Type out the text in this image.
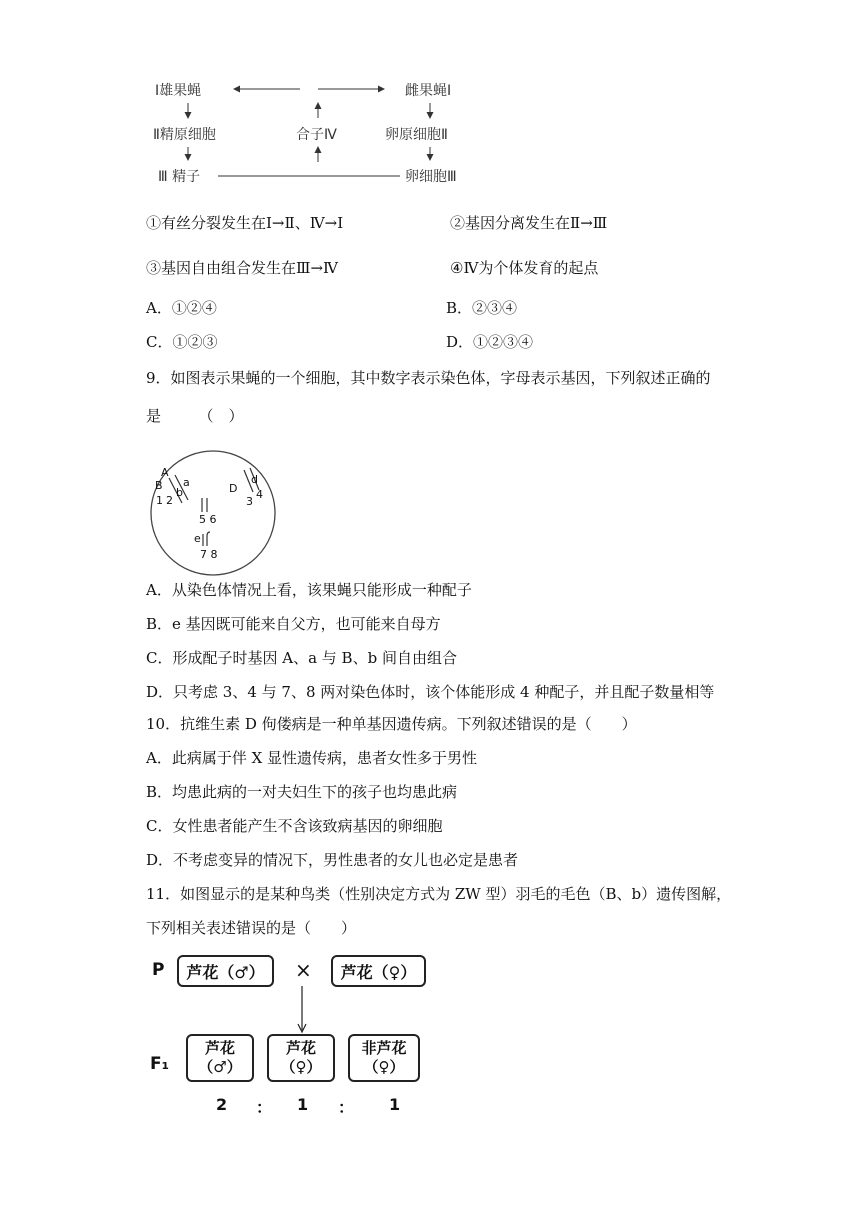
Ⅰ雄果蝇	雌果蝇Ⅰ
Ⅱ精原细胞	合子Ⅳ	卵原细胞Ⅱ
Ⅲ 精子	卵细胞Ⅲ
①有丝分裂发生在Ⅰ→Ⅱ、Ⅳ→Ⅰ	②基因分离发生在Ⅱ→Ⅲ
③基因自由组合发生在Ⅲ→Ⅳ	④Ⅳ为个体发育的起点
A．①②④	B．②③④
C．①②③	D．①②③④
9．如图表示果蝇的一个细胞，其中数字表示染色体，字母表示基因，下列叙述正确的
是　　　（　）
A
B a
b
1 2
D
d
3
4
5 6
e
7 8
A．从染色体情况上看，该果蝇只能形成一种配子
B．e 基因既可能来自父方，也可能来自母方
C．形成配子时基因 A、a 与 B、b 间自由组合
D．只考虑 3、4 与 7、8 两对染色体时，该个体能形成 4 种配子，并且配子数量相等
10．抗维生素 D 佝偻病是一种单基因遗传病。下列叙述错误的是（　　）
A．此病属于伴 X 显性遗传病，患者女性多于男性
B．均患此病的一对夫妇生下的孩子也均患此病
C．女性患者能产生不含该致病基因的卵细胞
D．不考虑变异的情况下，男性患者的女儿也必定是患者
11．如图显示的是某种鸟类（性别决定方式为 ZW 型）羽毛的毛色（B、b）遗传图解，
下列相关表述错误的是（　　）
P	芦花（♂）	×	芦花（♀）
F₁
芦花
（♂）
芦花
（♀）
非芦花
（♀）
2 ： 1 ： 1
